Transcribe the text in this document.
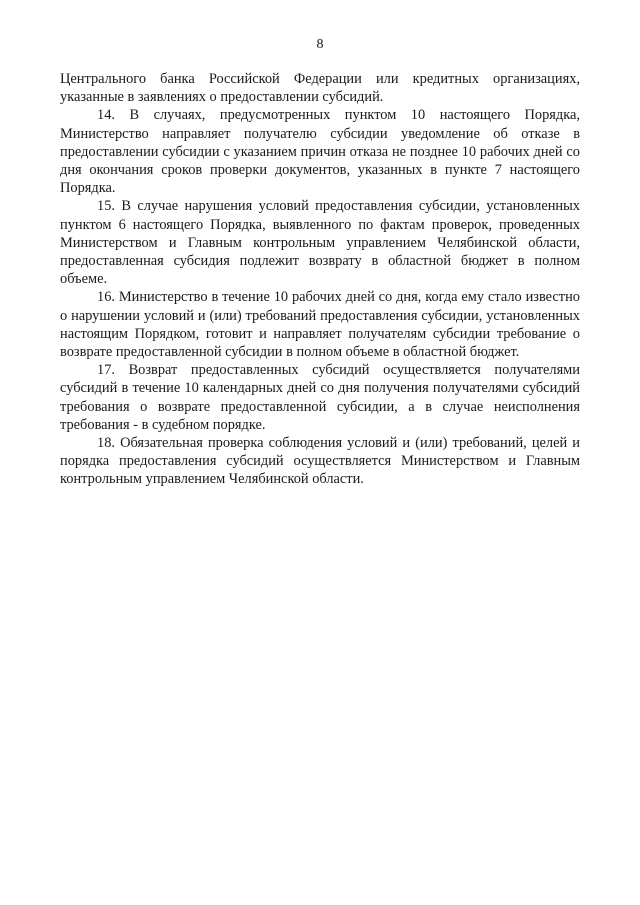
8

Центрального банка Российской Федерации или кредитных организациях, указанные в заявлениях о предоставлении субсидий.

14. В случаях, предусмотренных пунктом 10 настоящего Порядка, Министерство направляет получателю субсидии уведомление об отказе в предоставлении субсидии с указанием причин отказа не позднее 10 рабочих дней со дня окончания сроков проверки документов, указанных в пункте 7 настоящего Порядка.

15. В случае нарушения условий предоставления субсидии, установленных пунктом 6 настоящего Порядка, выявленного по фактам проверок, проведенных Министерством и Главным контрольным управлением Челябинской области, предоставленная субсидия подлежит возврату в областной бюджет в полном объеме.

16. Министерство в течение 10 рабочих дней со дня, когда ему стало известно о нарушении условий и (или) требований предоставления субсидии, установленных настоящим Порядком, готовит и направляет получателям субсидии требование о возврате предоставленной субсидии в полном объеме в областной бюджет.

17. Возврат предоставленных субсидий осуществляется получателями субсидий в течение 10 календарных дней со дня получения получателями субсидий требования о возврате предоставленной субсидии, а в случае неисполнения требования - в судебном порядке.

18. Обязательная проверка соблюдения условий и (или) требований, целей и порядка предоставления субсидий осуществляется Министерством и Главным контрольным управлением Челябинской области.
